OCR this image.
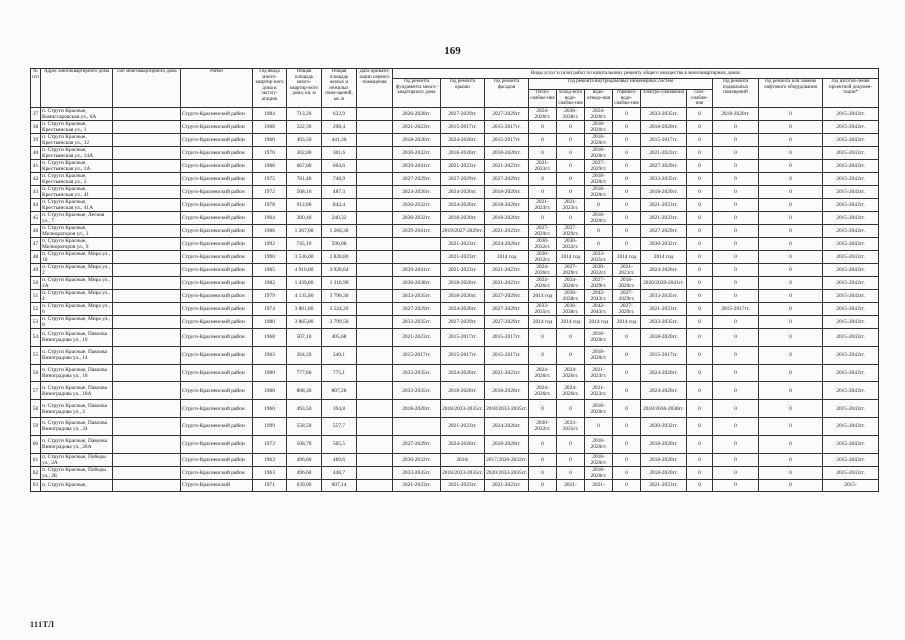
169
№ п/п	Адрес многоквартирного дома	Тип многоквартирного дома	Район	Год ввода много-квартир-ного дома в эксплу-атацию	Общая площадь много-квартир-ного дома, кв. м	Общая площадь жилых и нежилых поме-щений, кв. м	Дата привати-зации первого помещения	Виды услуг и (или) работ по капитальному ремонту общего имущества в многоквартирных домах											
								год ремонта фундамента много-квартирного дома	год ремонта крыши	год ремонта фасадов	год ремонта внутридомовых инженерных систем						год ремонта подвальных помещений	год ремонта или замены лифтового оборудования	год изготов-ления проектной докумен-тации*
											тепло-снабже-ния	холод-ного водо-снабже-ния	водо-отведе-ния	горячего водо-снабже-ния	электро-снабжения	газо-снабже-ния			
37	п. Струги Красные, Комиссаровская ул., 6А		Струго-Красненский район	1984	713,20	622,9		2026-2028гг.	2027-2029гг.	2027-2029гг.	2024-2026гг.	2036-2038гг.	2024-2026гг.	0	2033-2035гг.	0	2018-2020гг.	0	2015-2043гг.
38	п. Струги Красные, Крестьянская ул., 1		Струго-Красненский район	1968	322,30	298,4		2021-2023гг.	2015-2017гг.	2015-2017гг.	0	0	2018-2020гг.	0	2018-2020гг.	0	0	0	2015-2043гг.
39	п. Струги Красные, Крестьянская ул., 12		Струго-Красненский район	1960	493,50	441,30		2018-2020гг.	2024-2026гг.	2015-2017гг.	0	0	2018-2020гг.	0	2015-2017гг.	0	0	0	2015-2043гг.
40	п. Струги Красные, Крестьянская ул., 14А		Струго-Красненский район	1976	302,00	301,6		2030-2032гг.	2018-2020гг.	2018-2020гг.	0	0	2018-2020гг.	0	2021-2023гг.	0	0	0	2015-2043гг.
41	п. Струги Красные, Крестьянская ул., 1А		Струго-Красненский район	1988	667,00	664,6		2039-2041гг.	2021-2023гг.	2021-2023гг.	2021-2023гг.	0	2027-2029гг.	0	2027-2029гг.	0	0	0	2015-2043гг.
42	п. Струги Красные, Крестьянская ул., 3		Струго-Красненский район	1975	781,40	748,9		2027-2029гг.	2027-2029гг.	2027-2029гг.	0	0	2018-2020гг.	0	2033-2035гг.	0	0	0	2015-2043гг.
43	п. Струги Красные, Крестьянская ул., 41		Струго-Красненский район	1972	508,10	487,3		2024-2026гг.	2024-2026гг.	2018-2020гг.	0	0	2018-2020гг.	0	2018-2020гг.	0	0	0	2015-2043гг.
44	п. Струги Красные, Крестьянская ул., 41А		Струго-Красненский район	1978	912,60	842,4		2030-2032гг.	2024-2026гг.	2018-2020гг.	2021-2023гг.	2021-2023гг.	0	0	2021-2023гг.	0	0	0	2015-2043гг.
45	п. Струги Красные, Лесная ул., 7		Струго-Красненский район	1964	300,40	240,32		2030-2032гг.	2018-2020гг.	2018-2020гг.	0	0	2018-2020гг.	0	2021-2023гг.	0	0	0	2015-2043гг.
46	п. Струги Красные, Мелиораторов ул., 3		Струго-Красненский район	1986	1 267,00	1 266,30		2039-2041гг.	2019/2027-2029гг.	2021-2023гг.	2027-2029гг.	2027-2029гг.	0	0	2027-2029гг.	0	0	0	2015-2043гг.
47	п. Струги Красные, Мелиораторов ул., 9		Струго-Красненский район	1992	745,10	596,08			2021-2023гг.	2024-2026гг.	2030-2032гг.	2030-2032гг.	0	0	2030-2032гг.	0	0	0	2015-2043гг.
48	п. Струги Красные, Мира ул., 10		Струго-Красненский район	1990	3 536,00	2 828,80			2021-2023гг.	2014 год	2030-2032гг.	2014 год	2033-2035гг.	2014 год	2014 год	0	0	0	2015-2043гг.
49	п. Струги Красные, Мира ул., 2		Струго-Красненский район	1985	4 910,80	3 928,64		2039-2041гг.	2021-2023гг.	2021-2023гг.	2024-2026гг.	2027-2029гг.	2030-2032гг.	2021-2023гг.	2024-2026гг.	0	0	0	2015-2043гг.
50	п. Струги Красные, Мира ул., 2А		Струго-Красненский район	1982	1 439,80	1 318,90		2036-2038гг.	2018-2020гг.	2021-2023гг.	2024-2026гг.	2024-2026гг.	2027-2029гг.	2018-2020гг.	2020/2039-2041гг.	0	0	0	2015-2043гг.
51	п. Струги Красные, Мира ул., 4		Струго-Красненский район	1979	4 135,80	3 790,30		2033-2035гг.	2018-2020гг.	2027-2029гг.	2014 год	2036-2038гг.	2042-2043гг.	2027-2029гг.	2033-2035гг.	0	0	0	2015-2043гг.
52	п. Струги Красные, Мира ул., 6		Струго-Красненский район	1974	3 801,80	3 524,20		2027-2029гг.	2024-2026гг.	2027-2029гг.	2033-2035гг.	2036-2038гг.	2042-2043гг.	2027-2029гг.	2021-2023гг.	0	2015-2017гг.	0	2015-2043гг.
53	п. Струги Красные, Мира ул., 8		Струго-Красненский район	1980	3 865,80	3 799,50		2033-2035гг.	2027-2029гг.	2027-2029гг.	2014 год	2014 год	2014 год	2014 год	2033-2035гг.	0	0	0	2015-2043гг.
54	п. Струги Красные, Павлова Виноградова ул., 10		Струго-Красненский район	1968	507,10	405,68		2021-2023гг.	2015-2017гг.	2015-2017гг.	0	0	2018-2020гг.	0	2018-2020гг.	0	0	0	2015-2043гг.
55	п. Струги Красные, Павлова Виноградова ул., 14		Струго-Красненский район	1963	264,20	240,1		2015-2017гг.	2015-2017гг.	2015-2017гг.	0	0	2018-2020гг.	0	2015-2017гг.	0	0	0	2015-2043гг.
56	п. Струги Красные, Павлова Виноградова ул., 18		Струго-Красненский район	1980	777,60	775,1		2033-2035гг.	2024-2026гг.	2021-2023гг.	2024-2026гг.	2024-2026гг.	2021-2023гг.	0	2024-2026гг.	0	0	0	2015-2043гг.
57	п. Струги Красные, Павлова Виноградова ул., 18А		Струго-Красненский район	1980	808,30	807,28		2033-2035гг.	2018-2020гг.	2018-2020гг.	2024-2026гг.	2024-2026гг.	2021-2023гг.	0	2024-2026гг.	0	0	0	2015-2043гг.
58	п. Струги Красные, Павлова Виноградова ул., 2		Струго-Красненский район	1960	493,50	394,8		2018-2020гг.	2018/2033-2035гг.	2018/2033-2035гг.	0	0	2018-2020гг.	0	2018/2036-2038гг.	0	0	0	2015-2043гг.
59	п. Струги Красные, Павлова Виноградова ул., 24		Струго-Красненский район	1999	558,50	557,7			2021-2023гг.	2024-2026гг.	2030-2032гг.	2033-2035гг.	0	0	2030-2032гг.	0	0	0	2015-2043гг.
60	п. Струги Красные, Павлова Виноградова ул., 28А		Струго-Красненский район	1973	508,70	505,5		2027-2029гг.	2024-2026гг.	2018-2020гг.	0	0	2018-2020гг.	0	2018-2020гг.	0	0	0	2015-2043гг.
61	п. Струги Красные, Победы ул., 2А		Струго-Красненский район	1963	496,60	489,6		2030-2032гг.	2016/	2017/2030-2032гг.	0	0	2018-2020гг.	0	2018-2020гг.	0	0	0	2015-2043гг.
62	п. Струги Красные, Победы ул., 2Б		Струго-Красненский район	1963	496,60	448,7		2033-2035гг.	2018/2033-2035гг.	2020/2033-2035гг.	0	0	2018-2020гг.	0	2018-2020гг.	0	0	0	2015-2043гг.
63	п. Струги Красные,		Струго-Красненский	1971	639,00	607,14		2021-2023гг.	2021-2023гг.	2021-2023гг.	0	2021-	2021-	0	2021-2023гг.	0	0	0	2015-
111ТЛ
